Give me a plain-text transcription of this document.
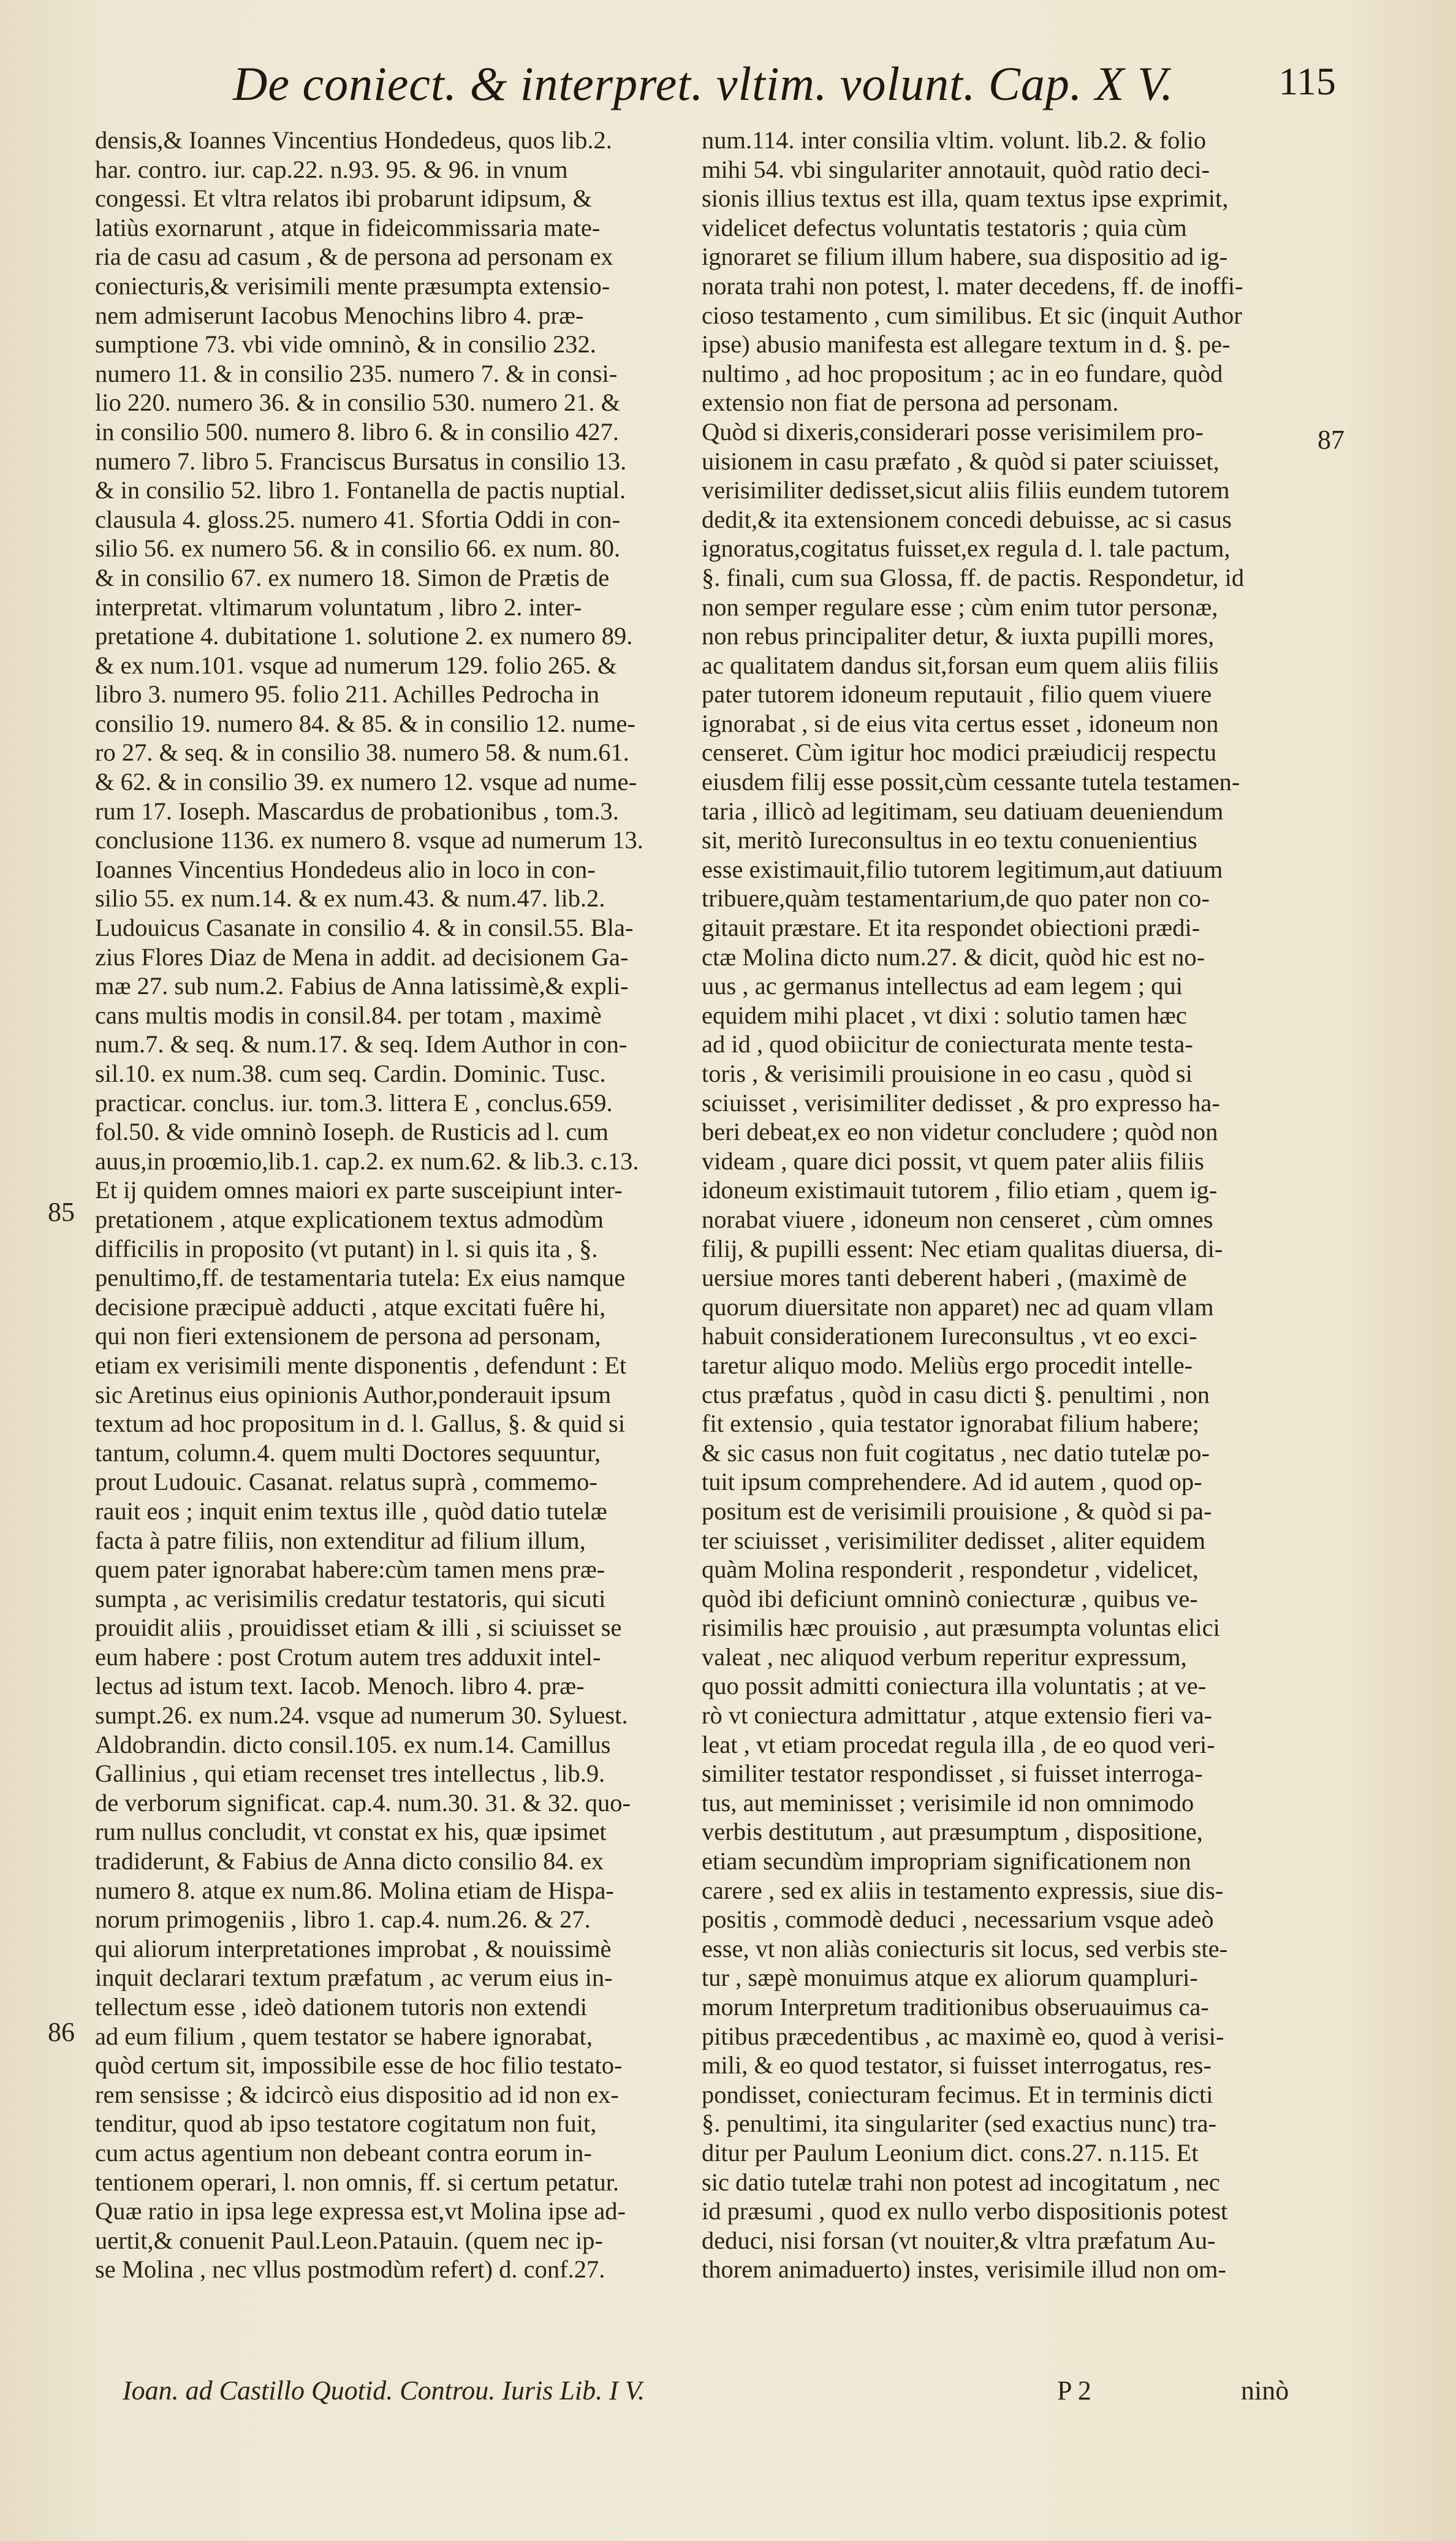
De coniect. & interpret. vltim. volunt. Cap. X V.	115
densis,& Ioannes Vincentius Hondedeus, quos lib.2.
har. contro. iur. cap.22. n.93. 95. & 96. in vnum
congessi. Et vltra relatos ibi probarunt idipsum, &
latiùs exornarunt , atque in fideicommissaria mate-
ria de casu ad casum , & de persona ad personam ex
coniecturis,& verisimili mente præsumpta extensio-
nem admiserunt Iacobus Menochins libro 4. præ-
sumptione 73. vbi vide omninò, & in consilio 232.
numero 11. & in consilio 235. numero 7. & in consi-
lio 220. numero 36. & in consilio 530. numero 21. &
in consilio 500. numero 8. libro 6. & in consilio 427.
numero 7. libro 5. Franciscus Bursatus in consilio 13.
& in consilio 52. libro 1. Fontanella de pactis nuptial.
clausula 4. gloss.25. numero 41. Sfortia Oddi in con-
silio 56. ex numero 56. & in consilio 66. ex num. 80.
& in consilio 67. ex numero 18. Simon de Prætis de
interpretat. vltimarum voluntatum , libro 2. inter-
pretatione 4. dubitatione 1. solutione 2. ex numero 89.
& ex num.101. vsque ad numerum 129. folio 265. &
libro 3. numero 95. folio 211. Achilles Pedrocha in
consilio 19. numero 84. & 85. & in consilio 12. nume-
ro 27. & seq. & in consilio 38. numero 58. & num.61.
& 62. & in consilio 39. ex numero 12. vsque ad nume-
rum 17. Ioseph. Mascardus de probationibus , tom.3.
conclusione 1136. ex numero 8. vsque ad numerum 13.
Ioannes Vincentius Hondedeus alio in loco in con-
silio 55. ex num.14. & ex num.43. & num.47. lib.2.
Ludouicus Casanate in consilio 4. & in consil.55. Bla-
zius Flores Diaz de Mena in addit. ad decisionem Ga-
mæ 27. sub num.2. Fabius de Anna latissimè,& expli-
cans multis modis in consil.84. per totam , maximè
num.7. & seq. & num.17. & seq. Idem Author in con-
sil.10. ex num.38. cum seq. Cardin. Dominic. Tusc.
practicar. conclus. iur. tom.3. littera E , conclus.659.
fol.50. & vide omninò Ioseph. de Rusticis ad l. cum
auus,in proœmio,lib.1. cap.2. ex num.62. & lib.3. c.13.
Et ij quidem omnes maiori ex parte susceipiunt inter-
pretationem , atque explicationem textus admodùm
difficilis in proposito (vt putant) in l. si quis ita , §.
penultimo,ff. de testamentaria tutela: Ex eius namque
decisione præcipuè adducti , atque excitati fuêre hi,
qui non fieri extensionem de persona ad personam,
etiam ex verisimili mente disponentis , defendunt : Et
sic Aretinus eius opinionis Author,ponderauit ipsum
textum ad hoc propositum in d. l. Gallus, §. & quid si
tantum, column.4. quem multi Doctores sequuntur,
prout Ludouic. Casanat. relatus suprà , commemo-
rauit eos ; inquit enim textus ille , quòd datio tutelæ
facta à patre filiis, non extenditur ad filium illum,
quem pater ignorabat habere:cùm tamen mens præ-
sumpta , ac verisimilis credatur testatoris, qui sicuti
prouidit aliis , prouidisset etiam & illi , si sciuisset se
eum habere : post Crotum autem tres adduxit intel-
lectus ad istum text. Iacob. Menoch. libro 4. præ-
sumpt.26. ex num.24. vsque ad numerum 30. Syluest.
Aldobrandin. dicto consil.105. ex num.14. Camillus
Gallinius , qui etiam recenset tres intellectus , lib.9.
de verborum significat. cap.4. num.30. 31. & 32. quo-
rum nullus concludit, vt constat ex his, quæ ipsimet
tradiderunt, & Fabius de Anna dicto consilio 84. ex
numero 8. atque ex num.86. Molina etiam de Hispa-
norum primogeniis , libro 1. cap.4. num.26. & 27.
qui aliorum interpretationes improbat , & nouissimè
inquit declarari textum præfatum , ac verum eius in-
tellectum esse , ideò dationem tutoris non extendi
ad eum filium , quem testator se habere ignorabat,
quòd certum sit, impossibile esse de hoc filio testato-
rem sensisse ; & idcircò eius dispositio ad id non ex-
tenditur, quod ab ipso testatore cogitatum non fuit,
cum actus agentium non debeant contra eorum in-
tentionem operari, l. non omnis, ff. si certum petatur.
Quæ ratio in ipsa lege expressa est,vt Molina ipse ad-
uertit,& conuenit Paul.Leon.Patauin. (quem nec ip-
se Molina , nec vllus postmodùm refert) d. conf.27.
num.114. inter consilia vltim. volunt. lib.2. & folio
mihi 54. vbi singulariter annotauit, quòd ratio deci-
sionis illius textus est illa, quam textus ipse exprimit,
videlicet defectus voluntatis testatoris ; quia cùm
ignoraret se filium illum habere, sua dispositio ad ig-
norata trahi non potest, l. mater decedens, ff. de inoffi-
cioso testamento , cum similibus. Et sic (inquit Author
ipse) abusio manifesta est allegare textum in d. §. pe-
nultimo , ad hoc propositum ; ac in eo fundare, quòd
extensio non fiat de persona ad personam.
Quòd si dixeris,considerari posse verisimilem pro-
uisionem in casu præfato , & quòd si pater sciuisset,
verisimiliter dedisset,sicut aliis filiis eundem tutorem
dedit,& ita extensionem concedi debuisse, ac si casus
ignoratus,cogitatus fuisset,ex regula d. l. tale pactum,
§. finali, cum sua Glossa, ff. de pactis. Respondetur, id
non semper regulare esse ; cùm enim tutor personæ,
non rebus principaliter detur, & iuxta pupilli mores,
ac qualitatem dandus sit,forsan eum quem aliis filiis
pater tutorem idoneum reputauit , filio quem viuere
ignorabat , si de eius vita certus esset , idoneum non
censeret. Cùm igitur hoc modici præiudicij respectu
eiusdem filij esse possit,cùm cessante tutela testamen-
taria , illicò ad legitimam, seu datiuam deueniendum
sit, meritò Iureconsultus in eo textu conuenientius
esse existimauit,filio tutorem legitimum,aut datiuum
tribuere,quàm testamentarium,de quo pater non co-
gitauit præstare. Et ita respondet obiectioni prædi-
ctæ Molina dicto num.27. & dicit, quòd hic est no-
uus , ac germanus intellectus ad eam legem ; qui
equidem mihi placet , vt dixi : solutio tamen hæc
ad id , quod obiicitur de coniecturata mente testa-
toris , & verisimili prouisione in eo casu , quòd si
sciuisset , verisimiliter dedisset , & pro expresso ha-
beri debeat,ex eo non videtur concludere ; quòd non
videam , quare dici possit, vt quem pater aliis filiis
idoneum existimauit tutorem , filio etiam , quem ig-
norabat viuere , idoneum non censeret , cùm omnes
filij, & pupilli essent: Nec etiam qualitas diuersa, di-
uersiue mores tanti deberent haberi , (maximè de
quorum diuersitate non apparet) nec ad quam vllam
habuit considerationem Iureconsultus , vt eo exci-
taretur aliquo modo. Meliùs ergo procedit intelle-
ctus præfatus , quòd in casu dicti §. penultimi , non
fit extensio , quia testator ignorabat filium habere;
& sic casus non fuit cogitatus , nec datio tutelæ po-
tuit ipsum comprehendere. Ad id autem , quod op-
positum est de verisimili prouisione , & quòd si pa-
ter sciuisset , verisimiliter dedisset , aliter equidem
quàm Molina responderit , respondetur , videlicet,
quòd ibi deficiunt omninò coniecturæ , quibus ve-
risimilis hæc prouisio , aut præsumpta voluntas elici
valeat , nec aliquod verbum reperitur expressum,
quo possit admitti coniectura illa voluntatis ; at ve-
rò vt coniectura admittatur , atque extensio fieri va-
leat , vt etiam procedat regula illa , de eo quod veri-
similiter testator respondisset , si fuisset interroga-
tus, aut meminisset ; verisimile id non omnimodo
verbis destitutum , aut præsumptum , dispositione,
etiam secundùm impropriam significationem non
carere , sed ex aliis in testamento expressis, siue dis-
positis , commodè deduci , necessarium vsque adeò
esse, vt non aliàs coniecturis sit locus, sed verbis ste-
tur , sæpè monuimus atque ex aliorum quampluri-
morum Interpretum traditionibus obseruauimus ca-
pitibus præcedentibus , ac maximè eo, quod à verisi-
mili, & eo quod testator, si fuisset interrogatus, res-
pondisset, coniecturam fecimus. Et in terminis dicti
§. penultimi, ita singulariter (sed exactius nunc) tra-
ditur per Paulum Leonium dict. cons.27. n.115. Et
sic datio tutelæ trahi non potest ad incogitatum , nec
id præsumi , quod ex nullo verbo dispositionis potest
deduci, nisi forsan (vt nouiter,& vltra præfatum Au-
thorem animaduerto) instes, verisimile illud non om-
85
86
87
Ioan. ad Castillo Quotid. Controu. Iuris Lib. I V.	P 2	ninò
